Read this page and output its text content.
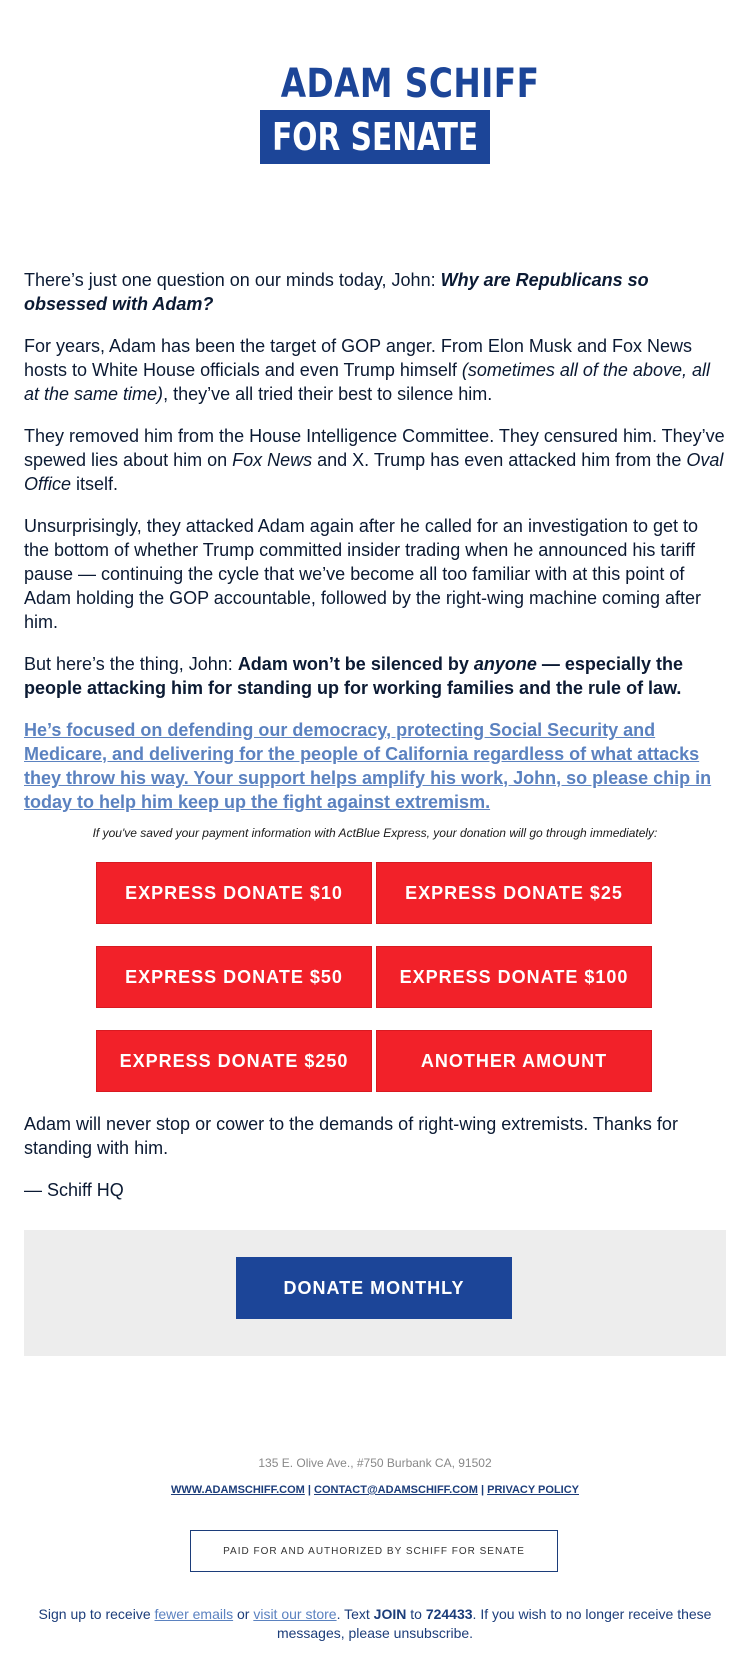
ADAM SCHIFF
FOR SENATE

There’s just one question on our minds today, John: Why are Republicans so obsessed with Adam?

For years, Adam has been the target of GOP anger. From Elon Musk and Fox News hosts to White House officials and even Trump himself (sometimes all of the above, all at the same time), they’ve all tried their best to silence him.

They removed him from the House Intelligence Committee. They censured him. They’ve spewed lies about him on Fox News and X. Trump has even attacked him from the Oval Office itself.

Unsurprisingly, they attacked Adam again after he called for an investigation to get to the bottom of whether Trump committed insider trading when he announced his tariff pause — continuing the cycle that we’ve become all too familiar with at this point of Adam holding the GOP accountable, followed by the right-wing machine coming after him.

But here’s the thing, John: Adam won’t be silenced by anyone — especially the people attacking him for standing up for working families and the rule of law.

He’s focused on defending our democracy, protecting Social Security and Medicare, and delivering for the people of California regardless of what attacks they throw his way. Your support helps amplify his work, John, so please chip in today to help him keep up the fight against extremism.

If you've saved your payment information with ActBlue Express, your donation will go through immediately:
EXPRESS DONATE $10	EXPRESS DONATE $25
EXPRESS DONATE $50	EXPRESS DONATE $100
EXPRESS DONATE $250	ANOTHER AMOUNT

Adam will never stop or cower to the demands of right-wing extremists. Thanks for standing with him.

— Schiff HQ

DONATE MONTHLY
135 E. Olive Ave., #750 Burbank CA, 91502
WWW.ADAMSCHIFF.COM | CONTACT@ADAMSCHIFF.COM | PRIVACY POLICY
PAID FOR AND AUTHORIZED BY SCHIFF FOR SENATE
Sign up to receive fewer emails or visit our store. Text JOIN to 724433. If you wish to no longer receive these messages, please unsubscribe.
